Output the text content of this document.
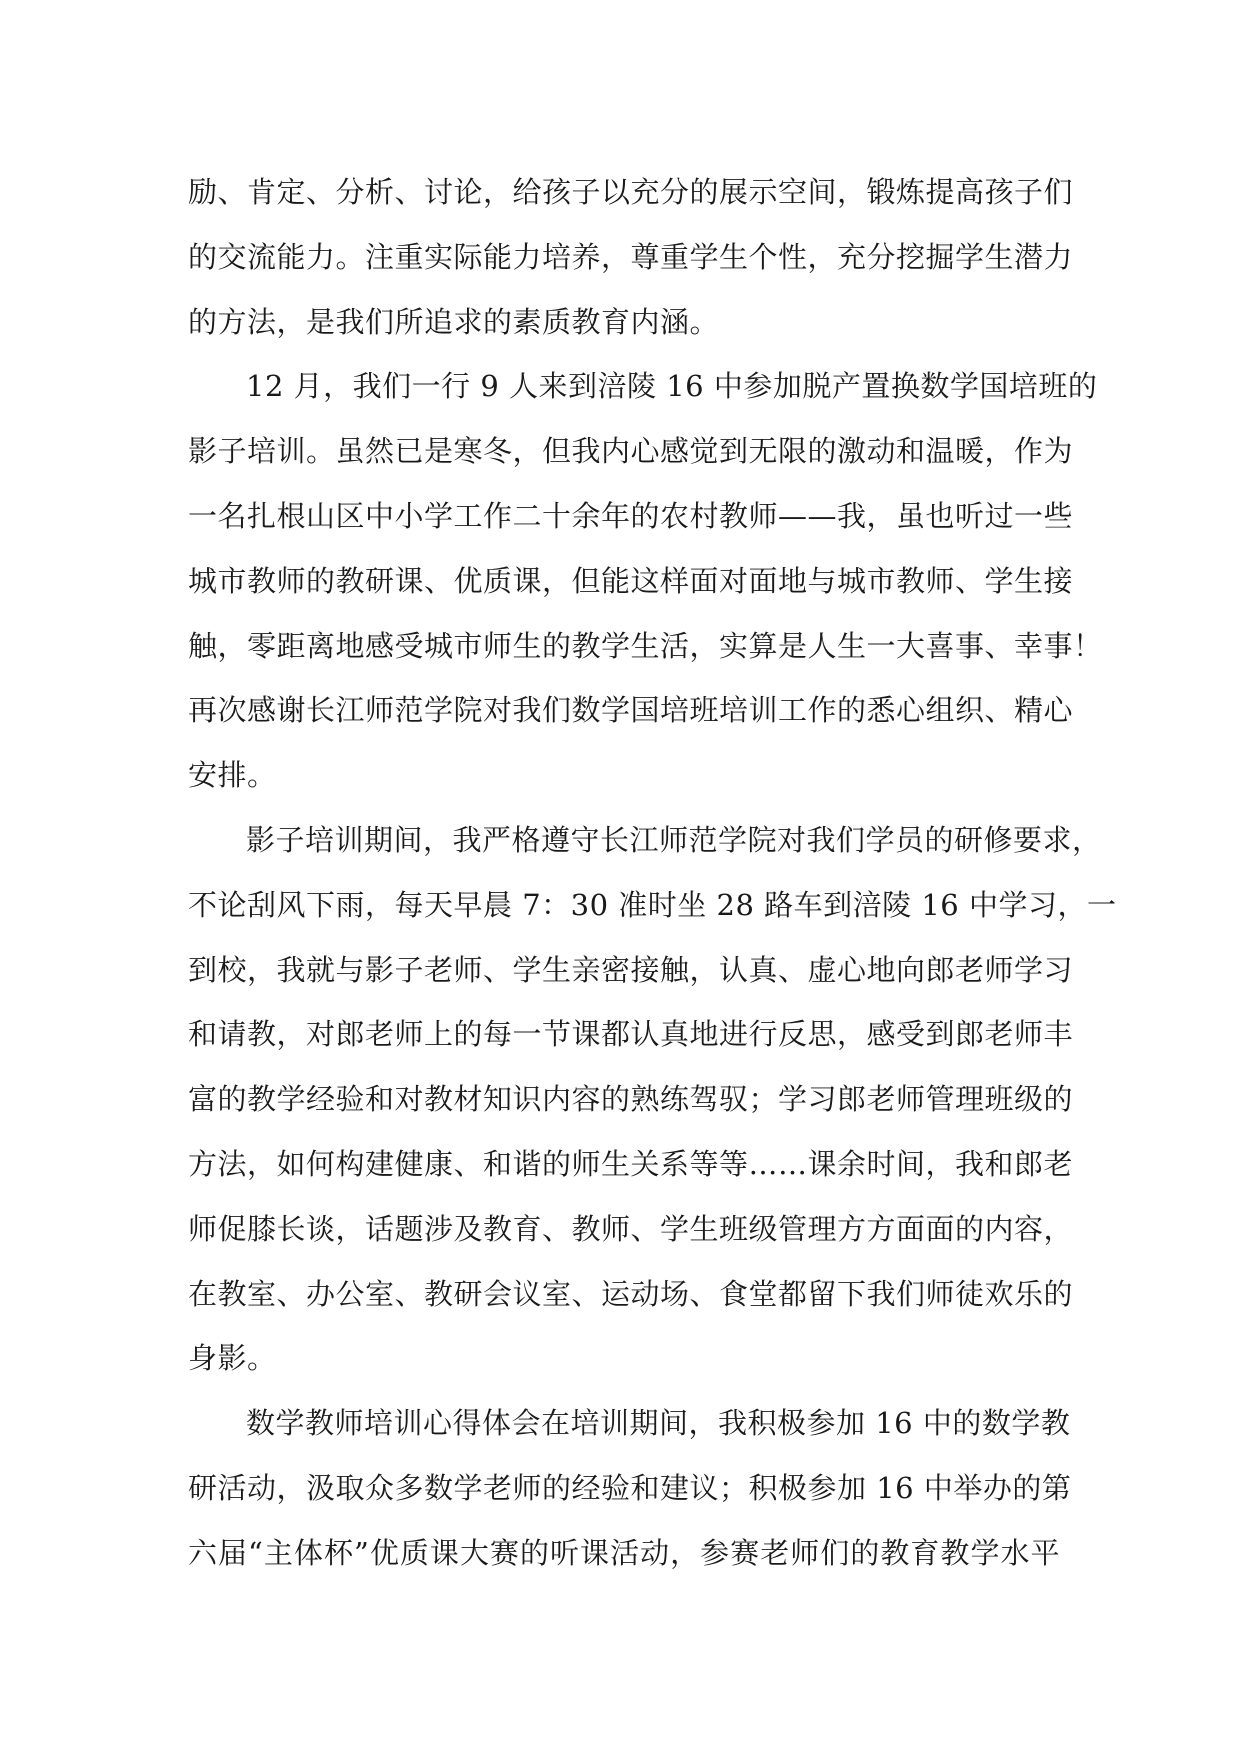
励、肯定、分析、讨论，给孩子以充分的展示空间，锻炼提高孩子们
的交流能力。注重实际能力培养，尊重学生个性，充分挖掘学生潜力
的方法，是我们所追求的素质教育内涵。
12 月，我们一行 9 人来到涪陵 16 中参加脱产置换数学国培班的
影子培训。虽然已是寒冬，但我内心感觉到无限的激动和温暖，作为
一名扎根山区中小学工作二十余年的农村教师——我，虽也听过一些
城市教师的教研课、优质课，但能这样面对面地与城市教师、学生接
触，零距离地感受城市师生的教学生活，实算是人生一大喜事、幸事！
再次感谢长江师范学院对我们数学国培班培训工作的悉心组织、精心
安排。
影子培训期间，我严格遵守长江师范学院对我们学员的研修要求，
不论刮风下雨，每天早晨 7：30 准时坐 28 路车到涪陵 16 中学习，一
到校，我就与影子老师、学生亲密接触，认真、虚心地向郎老师学习
和请教，对郎老师上的每一节课都认真地进行反思，感受到郎老师丰
富的教学经验和对教材知识内容的熟练驾驭；学习郎老师管理班级的
方法，如何构建健康、和谐的师生关系等等……课余时间，我和郎老
师促膝长谈，话题涉及教育、教师、学生班级管理方方面面的内容，
在教室、办公室、教研会议室、运动场、食堂都留下我们师徒欢乐的
身影。
数学教师培训心得体会在培训期间，我积极参加 16 中的数学教
研活动，汲取众多数学老师的经验和建议；积极参加 16 中举办的第
六届“主体杯”优质课大赛的听课活动，参赛老师们的教育教学水平
